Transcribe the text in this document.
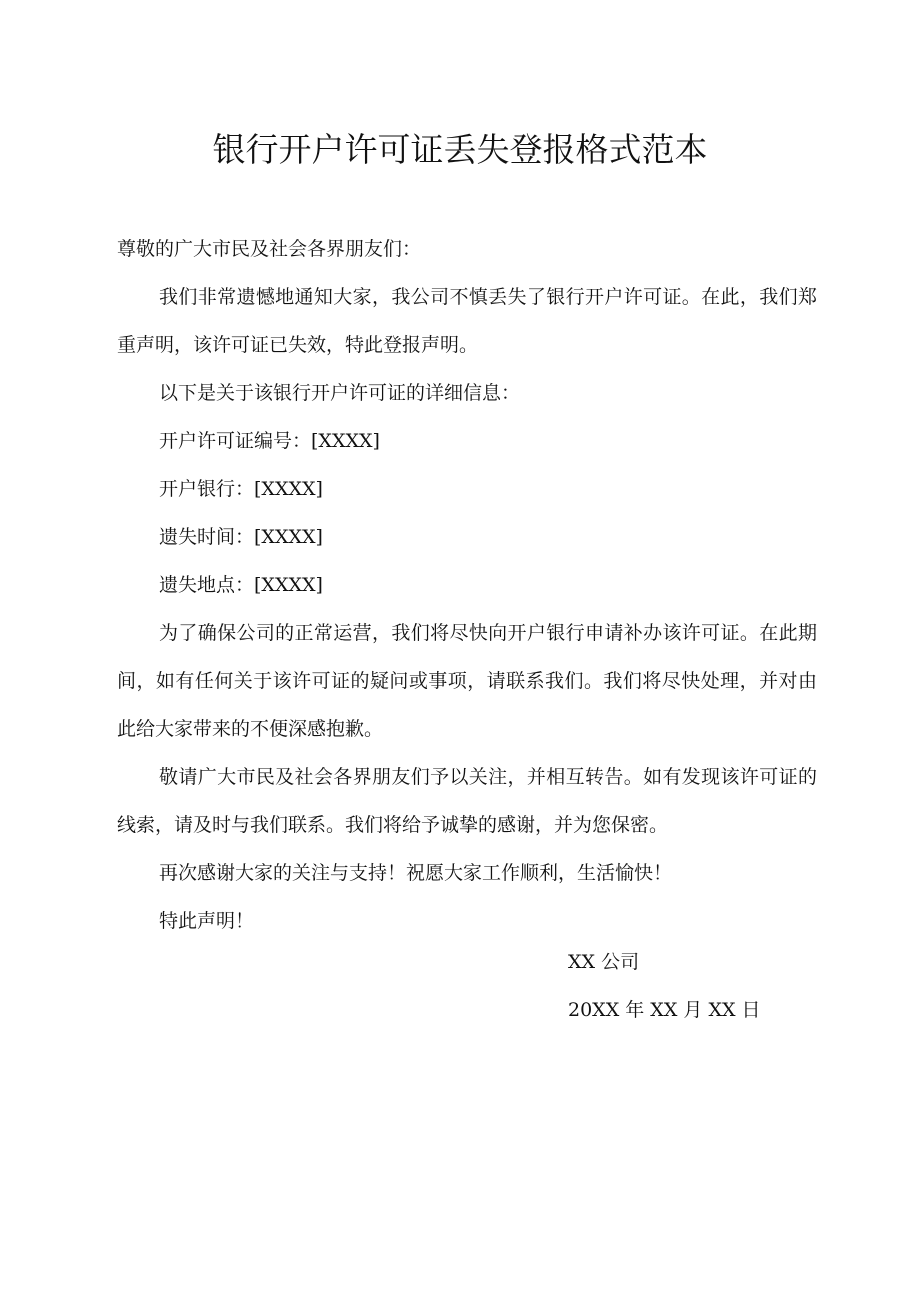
银行开户许可证丢失登报格式范本

尊敬的广大市民及社会各界朋友们：

我们非常遗憾地通知大家，我公司不慎丢失了银行开户许可证。在此，我们郑重声明，该许可证已失效，特此登报声明。

以下是关于该银行开户许可证的详细信息：

开户许可证编号：[XXXX]

开户银行：[XXXX]

遗失时间：[XXXX]

遗失地点：[XXXX]

为了确保公司的正常运营，我们将尽快向开户银行申请补办该许可证。在此期间，如有任何关于该许可证的疑问或事项，请联系我们。我们将尽快处理，并对由此给大家带来的不便深感抱歉。

敬请广大市民及社会各界朋友们予以关注，并相互转告。如有发现该许可证的线索，请及时与我们联系。我们将给予诚挚的感谢，并为您保密。

再次感谢大家的关注与支持！祝愿大家工作顺利，生活愉快！

特此声明！

XX 公司
20XX 年 XX 月 XX 日
